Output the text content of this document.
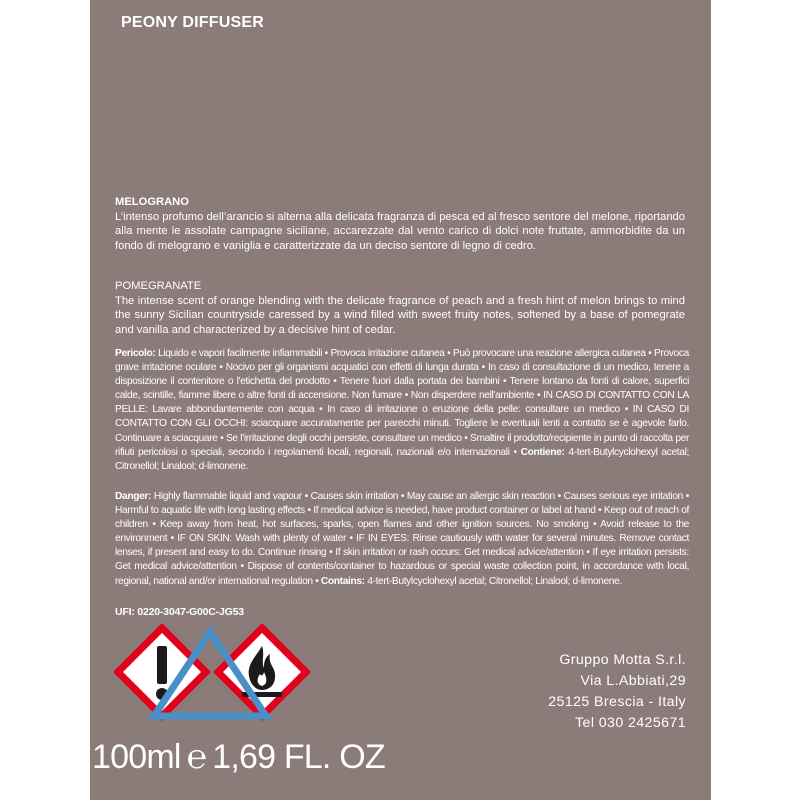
PEONY DIFFUSER
MELOGRANO
L’intenso profumo dell’arancio si alterna alla delicata fragranza di pesca ed al fresco sentore del melone, riportando alla mente le assolate campagne siciliane, accarezzate dal vento carico di dolci note fruttate, ammorbidite da un fondo di melograno e vaniglia e caratterizzate da un deciso sentore di legno di cedro.
POMEGRANATE
The intense scent of orange blending with the delicate fragrance of peach and a fresh hint of melon brings to mind the sunny Sicilian countryside caressed by a wind filled with sweet fruity notes, softened by a base of pomegrate and vanilla and characterized by a decisive hint of cedar.
Pericolo: Liquido e vapori facilmente infiammabili • Provoca irritazione cutanea • Può provocare una reazione allergica cutanea • Provoca grave irritazione oculare • Nocivo per gli organismi acquatici con effetti di lunga durata • In caso di consultazione di un medico, tenere a disposizione il contenitore o l'etichetta del prodotto • Tenere fuori dalla portata dei bambini • Tenere lontano da fonti di calore, superfici calde, scintille, fiamme libere o altre fonti di accensione. Non fumare • Non disperdere nell'ambiente • IN CASO DI CONTATTO CON LA PELLE: Lavare abbondantemente con acqua • In caso di irritazione o eruzione della pelle: consultare un medico • IN CASO DI CONTATTO CON GLI OCCHI: sciacquare accuratamente per parecchi minuti. Togliere le eventuali lenti a contatto se è agevole farlo. Continuare a sciacquare • Se l'irritazione degli occhi persiste, consultare un medico • Smaltire il prodotto/recipiente in punto di raccolta per rifiuti pericolosi o speciali, secondo i regolamenti locali, regionali, nazionali e/o internazionali • Contiene: 4-tert-Butylcyclohexyl acetal; Citronellol; Linalool; d-limonene.
Danger: Highly flammable liquid and vapour • Causes skin irritation • May cause an allergic skin reaction • Causes serious eye irritation • Harmful to aquatic life with long lasting effects • If medical advice is needed, have product container or label at hand • Keep out of reach of children • Keep away from heat, hot surfaces, sparks, open flames and other ignition sources. No smoking • Avoid release to the environment • IF ON SKIN: Wash with plenty of water • IF IN EYES: Rinse cautiously with water for several minutes. Remove contact lenses, if present and easy to do. Continue rinsing • If skin irritation or rash occurs: Get medical advice/attention • If eye irritation persists: Get medical advice/attention • Dispose of contents/container to hazardous or special waste collection point, in accordance with local, regional, national and/or international regulation • Contains: 4-tert-Butylcyclohexyl acetal; Citronellol; Linalool; d-limonene.
UFI: 0220-3047-G00C-JG53
Gruppo Motta S.r.l.
Via L.Abbiati,29
25125 Brescia - Italy
Tel 030 2425671
100ml ℮ 1,69 FL. OZ
